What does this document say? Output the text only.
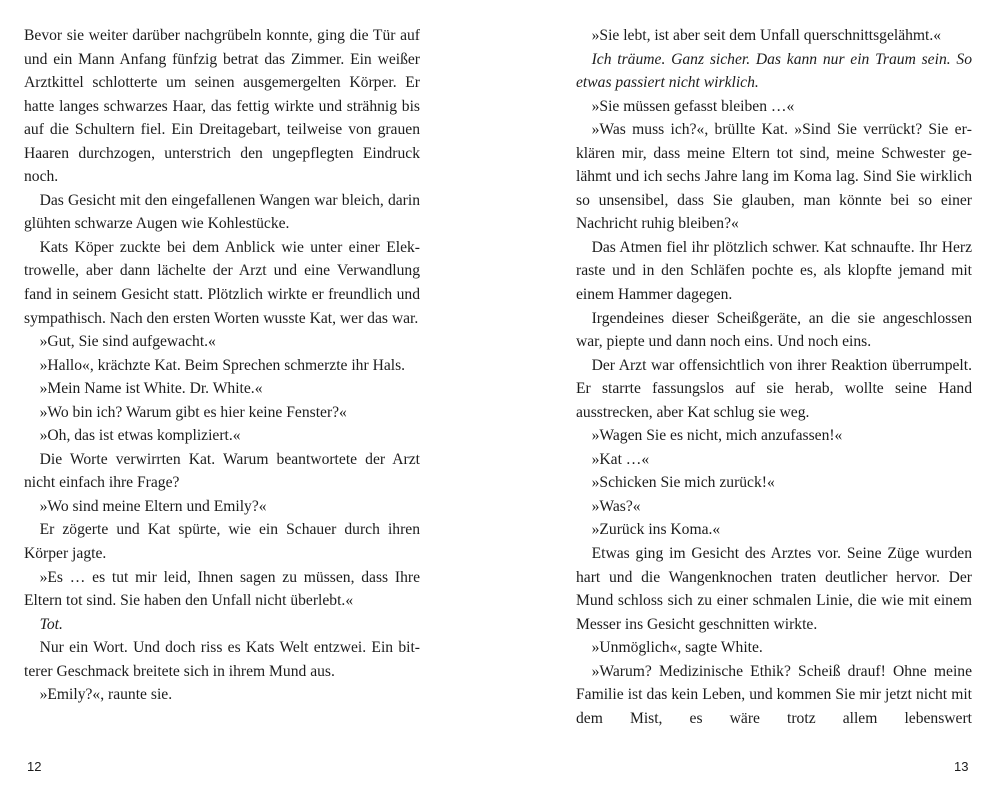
Bevor sie weiter darüber nachgrübeln konnte, ging die Tür auf und ein Mann Anfang fünfzig betrat das Zimmer. Ein weißer Arztkittel schlotterte um seinen ausgemergelten Körper. Er hatte langes schwarzes Haar, das fettig wirkte und strähnig bis auf die Schultern fiel. Ein Dreitagebart, teilweise von grauen Haaren durchzogen, unterstrich den ungepflegten Eindruck noch.

Das Gesicht mit den eingefallenen Wangen war bleich, darin glühten schwarze Augen wie Kohlestücke.

Kats Köper zuckte bei dem Anblick wie unter einer Elektrowelle, aber dann lächelte der Arzt und eine Verwandlung fand in seinem Gesicht statt. Plötzlich wirkte er freundlich und sympathisch. Nach den ersten Worten wusste Kat, wer das war.

»Gut, Sie sind aufgewacht.«

»Hallo«, krächzte Kat. Beim Sprechen schmerzte ihr Hals.

»Mein Name ist White. Dr. White.«

»Wo bin ich? Warum gibt es hier keine Fenster?«

»Oh, das ist etwas kompliziert.«

Die Worte verwirrten Kat. Warum beantwortete der Arzt nicht einfach ihre Frage?

»Wo sind meine Eltern und Emily?«

Er zögerte und Kat spürte, wie ein Schauer durch ihren Körper jagte.

»Es … es tut mir leid, Ihnen sagen zu müssen, dass Ihre Eltern tot sind. Sie haben den Unfall nicht überlebt.«

Tot.

Nur ein Wort. Und doch riss es Kats Welt entzwei. Ein bitterer Geschmack breitete sich in ihrem Mund aus.

»Emily?«, raunte sie.

»Sie lebt, ist aber seit dem Unfall querschnittsgelähmt.«

Ich träume. Ganz sicher. Das kann nur ein Traum sein. So etwas passiert nicht wirklich.

»Sie müssen gefasst bleiben …«

»Was muss ich?«, brüllte Kat. »Sind Sie verrückt? Sie erklären mir, dass meine Eltern tot sind, meine Schwester gelähmt und ich sechs Jahre lang im Koma lag. Sind Sie wirklich so unsensibel, dass Sie glauben, man könnte bei so einer Nachricht ruhig bleiben?«

Das Atmen fiel ihr plötzlich schwer. Kat schnaufte. Ihr Herz raste und in den Schläfen pochte es, als klopfte jemand mit einem Hammer dagegen.

Irgendeines dieser Scheißgeräte, an die sie angeschlossen war, piepte und dann noch eins. Und noch eins.

Der Arzt war offensichtlich von ihrer Reaktion überrumpelt. Er starrte fassungslos auf sie herab, wollte seine Hand ausstrecken, aber Kat schlug sie weg.

»Wagen Sie es nicht, mich anzufassen!«

»Kat …«

»Schicken Sie mich zurück!«

»Was?«

»Zurück ins Koma.«

Etwas ging im Gesicht des Arztes vor. Seine Züge wurden hart und die Wangenknochen traten deutlicher hervor. Der Mund schloss sich zu einer schmalen Linie, die wie mit einem Messer ins Gesicht geschnitten wirkte.

»Unmöglich«, sagte White.

»Warum? Medizinische Ethik? Scheiß drauf! Ohne meine Familie ist das kein Leben, und kommen Sie mir jetzt nicht mit dem Mist, es wäre trotz allem lebenswert

12	13
